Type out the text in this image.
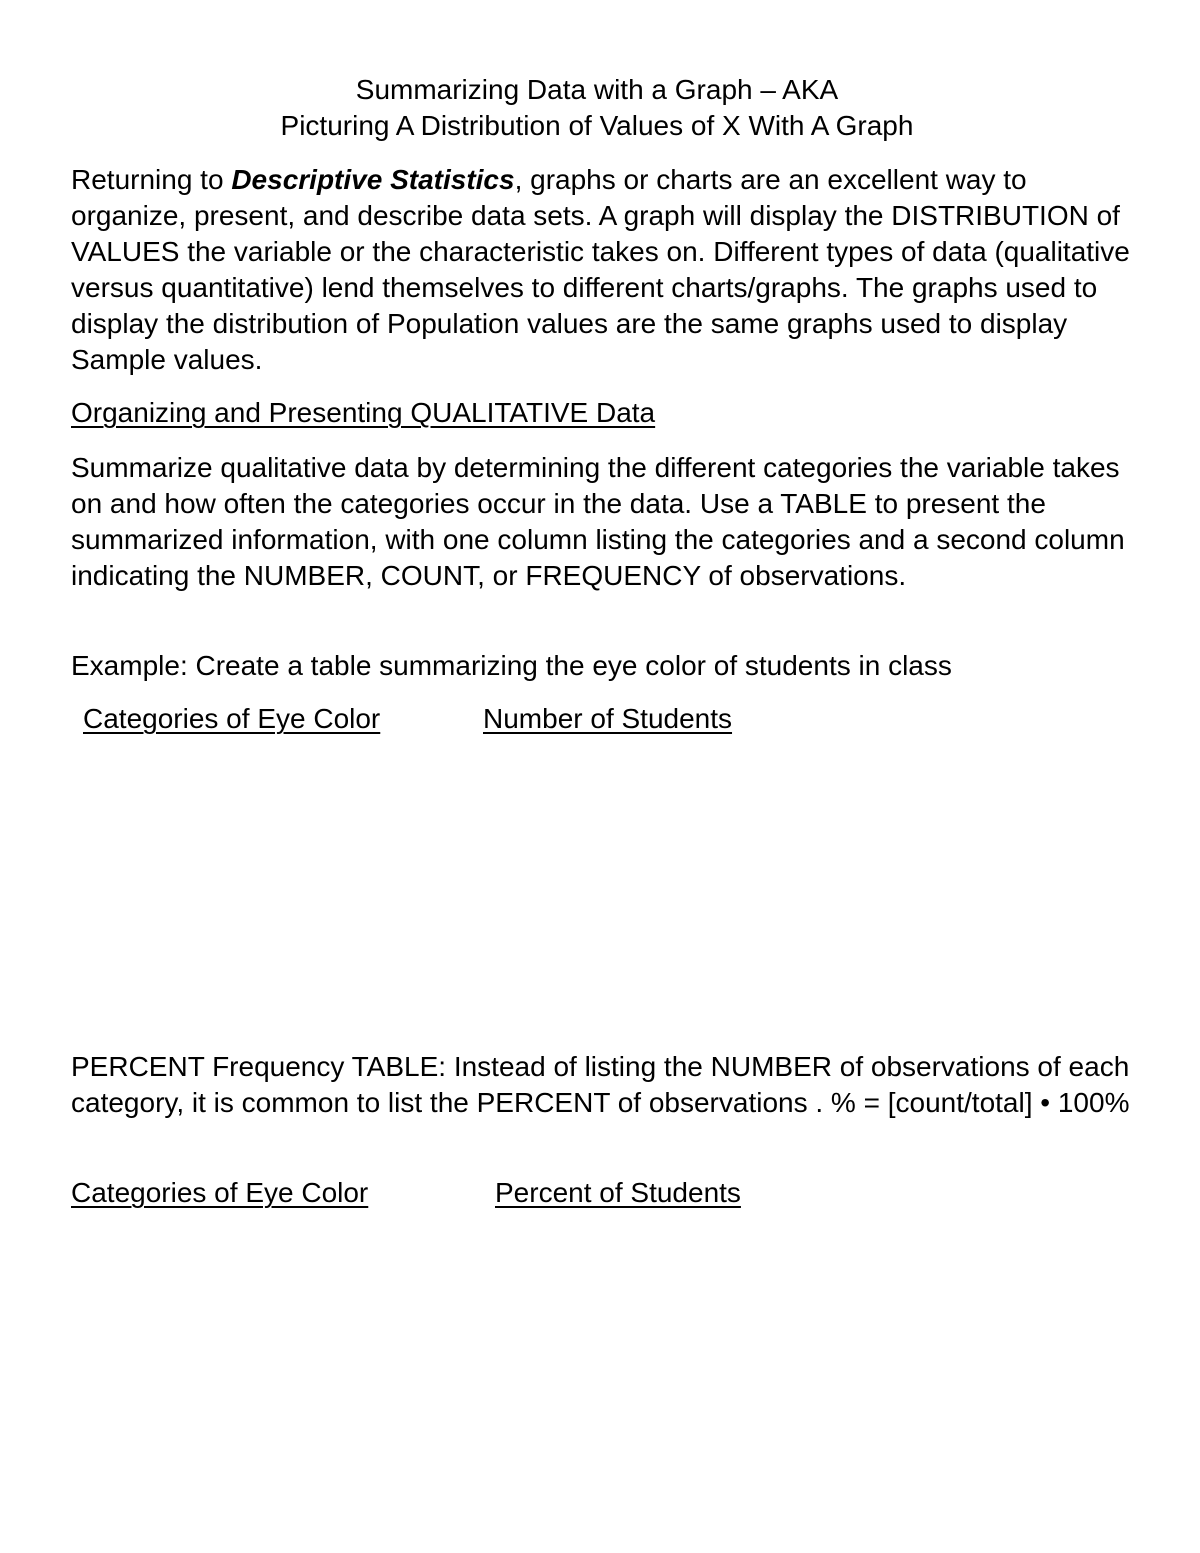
Summarizing Data with a Graph – AKA
Picturing A Distribution of Values of X With A Graph

Returning to Descriptive Statistics, graphs or charts are an excellent way to organize, present, and describe data sets. A graph will display the DISTRIBUTION of VALUES the variable or the characteristic takes on. Different types of data (qualitative versus quantitative) lend themselves to different charts/graphs. The graphs used to display the distribution of Population values are the same graphs used to display Sample values.

Organizing and Presenting QUALITATIVE Data

Summarize qualitative data by determining the different categories the variable takes on and how often the categories occur in the data. Use a TABLE to present the summarized information, with one column listing the categories and a second column indicating the NUMBER, COUNT, or FREQUENCY of observations.

Example: Create a table summarizing the eye color of students in class

Categories of Eye Color	Number of Students

PERCENT Frequency TABLE: Instead of listing the NUMBER of observations of each category, it is common to list the PERCENT of observations . % = [count/total] • 100%

Categories of Eye Color	Percent of Students
